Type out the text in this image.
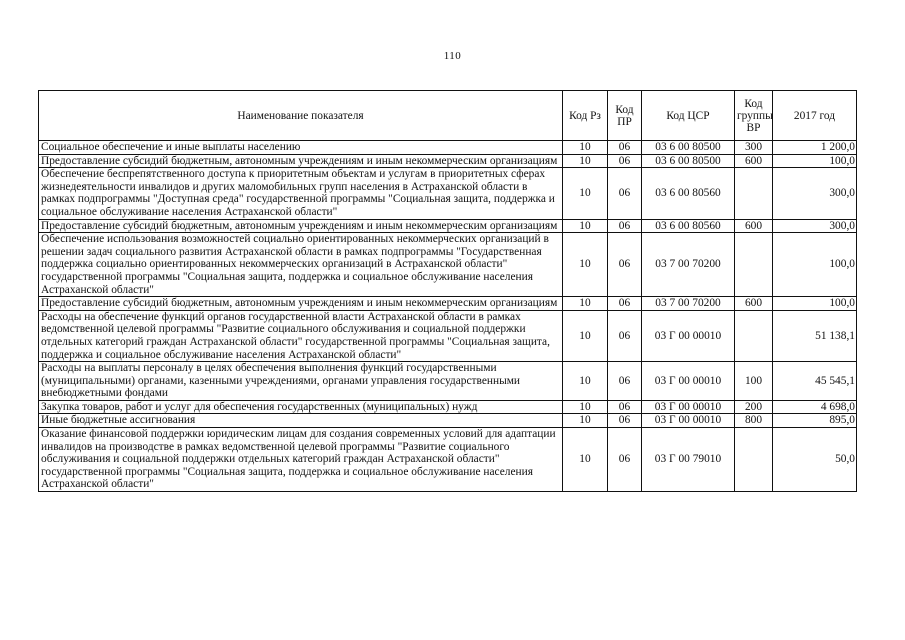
110
Наименование показателя	Код Рз	Код ПР	Код ЦСР	Код группы ВР	2017 год
Социальное обеспечение и иные выплаты населению	10	06	03 6 00 80500	300	1 200,0
Предоставление субсидий бюджетным, автономным учреждениям и иным некоммерческим организациям	10	06	03 6 00 80500	600	100,0
Обеспечение беспрепятственного доступа к приоритетным объектам и услугам в приоритетных сферах жизнедеятельности инвалидов и других маломобильных групп населения в Астраханской области в рамках подпрограммы "Доступная среда" государственной программы "Социальная защита, поддержка и социальное обслуживание населения Астраханской области"	10	06	03 6 00 80560		300,0
Предоставление субсидий бюджетным, автономным учреждениям и иным некоммерческим организациям	10	06	03 6 00 80560	600	300,0
Обеспечение использования возможностей социально ориентированных некоммерческих организаций в решении задач социального развития Астраханской области в рамках подпрограммы "Государственная поддержка социально ориентированных некоммерческих организаций в Астраханской области" государственной программы "Социальная защита, поддержка и социальное обслуживание населения Астраханской области"	10	06	03 7 00 70200		100,0
Предоставление субсидий бюджетным, автономным учреждениям и иным некоммерческим организациям	10	06	03 7 00 70200	600	100,0
Расходы на обеспечение функций органов государственной власти Астраханской области в рамках ведомственной целевой программы "Развитие социального обслуживания и социальной поддержки отдельных категорий граждан Астраханской области" государственной программы "Социальная защита, поддержка и социальное обслуживание населения Астраханской области"	10	06	03 Г 00 00010		51 138,1
Расходы на выплаты персоналу в целях обеспечения выполнения функций государственными (муниципальными) органами, казенными учреждениями, органами управления государственными внебюджетными фондами	10	06	03 Г 00 00010	100	45 545,1
Закупка товаров, работ и услуг для обеспечения государственных (муниципальных) нужд	10	06	03 Г 00 00010	200	4 698,0
Иные бюджетные ассигнования	10	06	03 Г 00 00010	800	895,0
Оказание финансовой поддержки юридическим лицам для создания современных условий для адаптации инвалидов на производстве в рамках ведомственной целевой программы "Развитие социального обслуживания и социальной поддержки отдельных категорий граждан Астраханской области" государственной программы "Социальная защита, поддержка и социальное обслуживание населения Астраханской области"	10	06	03 Г 00 79010		50,0
